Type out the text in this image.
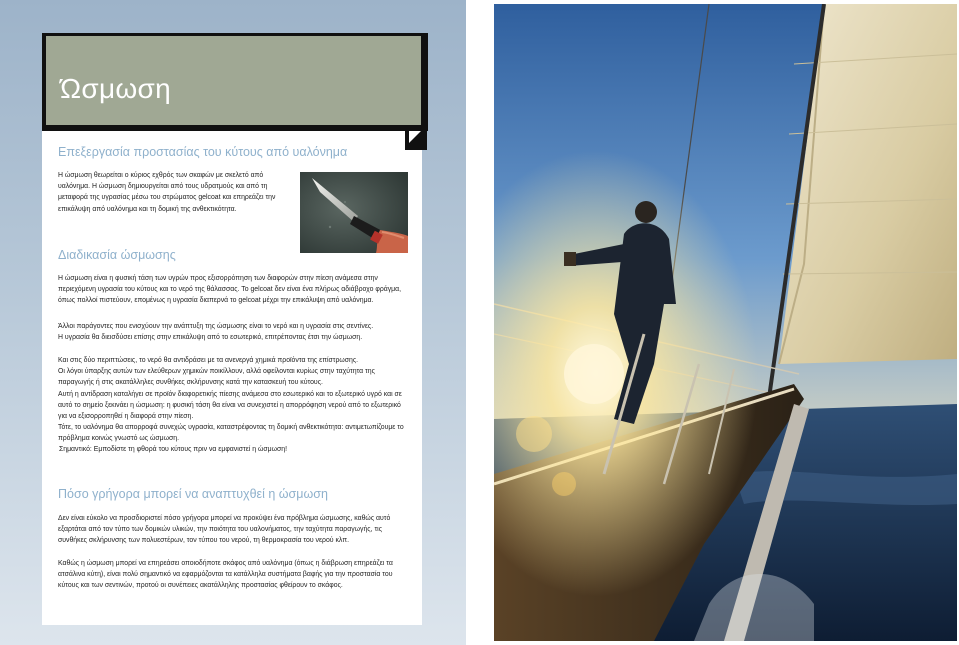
Ώσμωση
Επεξεργασία προστασίας του κύτους από υαλόνημα
Η ώσμωση θεωρείται ο κύριος εχθρός των σκαφών με σκελετό από
υαλόνημα. Η ώσμωση δημιουργείται από τους υδρατμούς και από τη
μεταφορά της υγρασίας μέσω του στρώματος gelcoat και επηρεάζει την
επικάλυψη από υαλόνημα και τη δομική της ανθεκτικότητα.
Διαδικασία ώσμωσης
Η ώσμωση είναι η φυσική τάση των υγρών προς εξισορρόπηση των διαφορών στην πίεση ανάμεσα στην
περιεχόμενη υγρασία του κύτους και το νερό της θάλασσας. Το gelcoat δεν είναι ένα πλήρως αδιάβροχο φράγμα,
όπως πολλοί πιστεύουν, επομένως η υγρασία διαπερνά το gelcoat μέχρι την επικάλυψη από υαλόνημα.
Άλλοι παράγοντες που ενισχύουν την ανάπτυξη της ώσμωσης είναι το νερό και η υγρασία στις σεντίνες.
Η υγρασία θα διεισδύσει επίσης στην επικάλυψη από το εσωτερικό, επιτρέποντας έτσι την ώσμωση.
Και στις δύο περιπτώσεις, το νερό θα αντιδράσει με τα ανενεργά χημικά προϊόντα της επίστρωσης.
Οι λόγοι ύπαρξης αυτών των ελεύθερων χημικών ποικίλλουν, αλλά οφείλονται κυρίως στην ταχύτητα της
παραγωγής ή στις ακατάλληλες συνθήκες σκλήρυνσης κατά την κατασκευή του κύτους.
Αυτή η αντίδραση καταλήγει σε προϊόν διαφορετικής πίεσης ανάμεσα στο εσωτερικό και το εξωτερικό υγρό και σε
αυτό το σημείο ξεκινάει η ώσμωση: η φυσική τάση θα είναι να συνεχιστεί η απορρόφηση νερού από το εξωτερικό
για να εξισορροπηθεί η διαφορά στην πίεση.
Τότε, το υαλόνημα θα απορροφά συνεχώς υγρασία, καταστρέφοντας τη δομική ανθεκτικότητα: αντιμετωπίζουμε το
πρόβλημα κοινώς γνωστό ως ώσμωση.
Σημαντικό: Εμποδίστε τη φθορά του κύτους πριν να εμφανιστεί η ώσμωση!
Πόσο γρήγορα μπορεί να αναπτυχθεί η ώσμωση
Δεν είναι εύκολο να προσδιοριστεί πόσο γρήγορα μπορεί να προκύψει ένα πρόβλημα ώσμωσης, καθώς αυτό
εξαρτάται από τον τύπο των δομικών υλικών, την ποιότητα του υαλονήματος, την ταχύτητα παραγωγής, τις
συνθήκες σκλήρυνσης των πολυεστέρων, τον τύπου του νερού, τη θερμοκρασία του νερού κλπ.
Καθώς η ώσμωση μπορεί να επηρεάσει οποιοδήποτε σκάφος από υαλόνημα (όπως η διάβρωση επηρεάζει τα
ατσάλινα κύτη), είναι πολύ σημαντικό να εφαρμόζονται τα κατάλληλα συστήματα βαφής για την προστασία του
κύτους και των σεντινών, προτού οι συνέπειες ακατάλληλης προστασίας φθείρουν το σκάφος.
